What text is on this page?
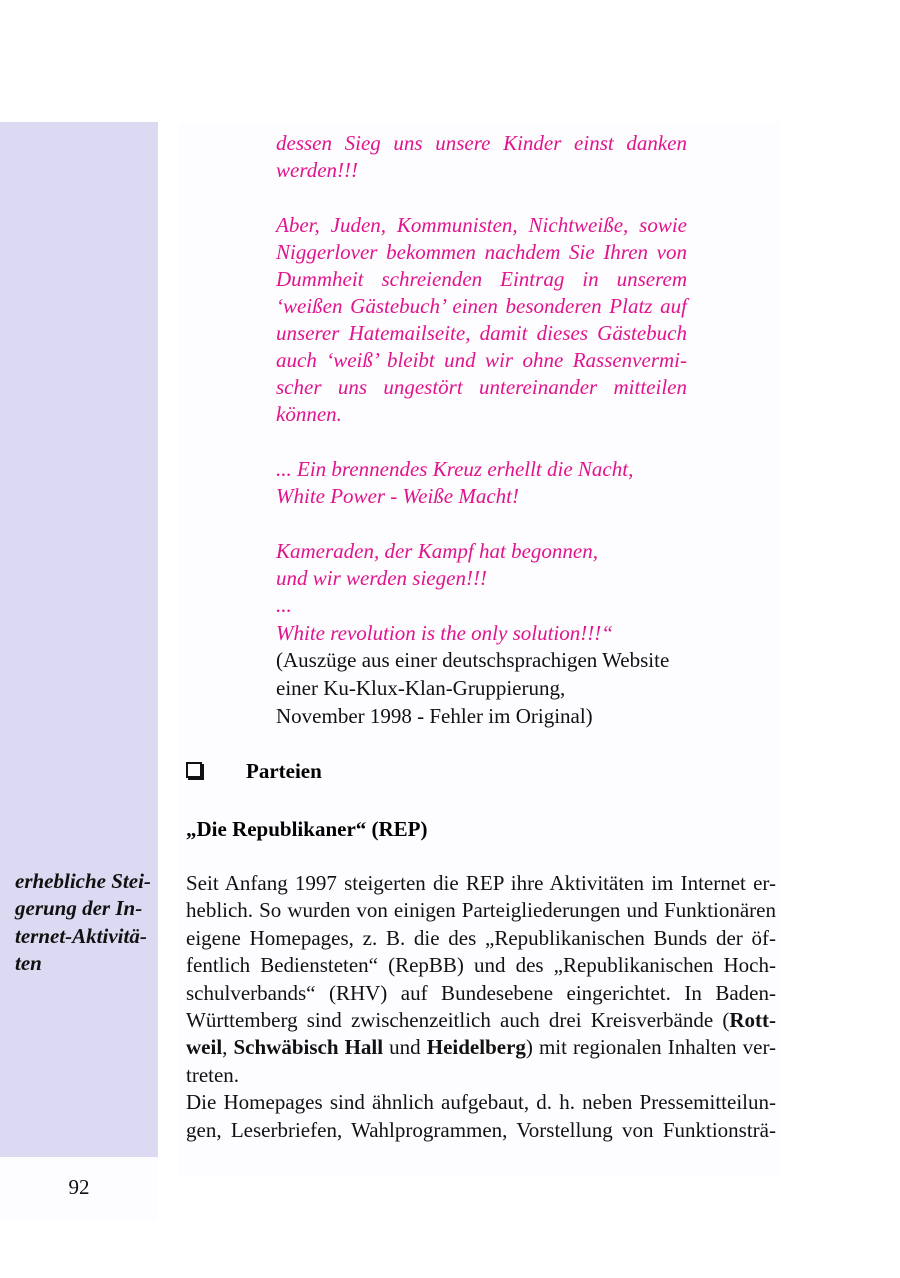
92
dessen Sieg uns unsere Kinder einst danken
werden!!!
Aber, Juden, Kommunisten, Nichtweiße, sowie
Niggerlover bekommen nachdem Sie Ihren von
Dummheit schreienden Eintrag in unserem
‘weißen Gästebuch’ einen besonderen Platz auf
unserer Hatemailseite, damit dieses Gästebuch
auch ‘weiß’ bleibt und wir ohne Rassenvermi-
scher uns ungestört untereinander mitteilen
können.
... Ein brennendes Kreuz erhellt die Nacht,
White Power - Weiße Macht!
Kameraden, der Kampf hat begonnen,
und wir werden siegen!!!
...
White revolution is the only solution!!!“
(Auszüge aus einer deutschsprachigen Website
einer Ku-Klux-Klan-Gruppierung,
November 1998 - Fehler im Original)
Parteien
„Die Republikaner“ (REP)
erhebliche Stei-
gerung der In-
ternet-Aktivitä-
ten
Seit Anfang 1997 steigerten die REP ihre Aktivitäten im Internet er-
heblich. So wurden von einigen Parteigliederungen und Funktionären
eigene Homepages, z. B. die des „Republikanischen Bunds der öf-
fentlich Bediensteten“ (RepBB) und des „Republikanischen Hoch-
schulverbands“ (RHV) auf Bundesebene eingerichtet. In Baden-
Württemberg sind zwischenzeitlich auch drei Kreisverbände (Rott-
weil, Schwäbisch Hall und Heidelberg) mit regionalen Inhalten ver-
treten.
Die Homepages sind ähnlich aufgebaut, d. h. neben Pressemitteilun-
gen, Leserbriefen, Wahlprogrammen, Vorstellung von Funktionsträ-
